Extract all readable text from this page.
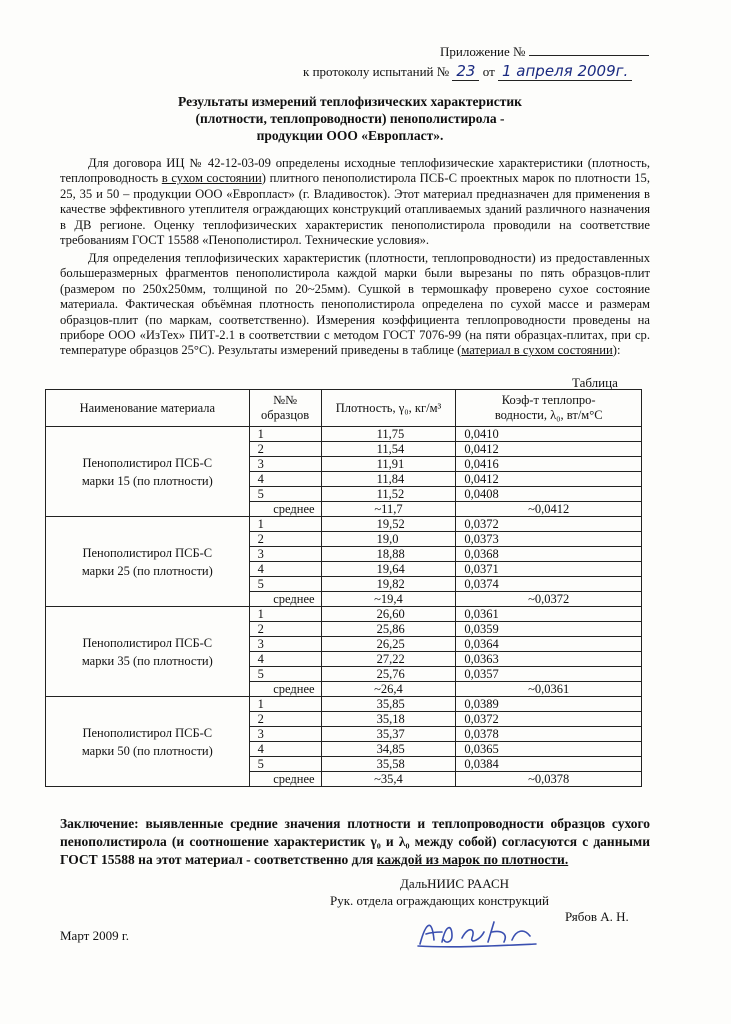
Приложение №
к протоколу испытаний № 23 от 1 апреля 2009г.
Результаты измерений теплофизических характеристик
(плотности, теплопроводности) пенополистирола -
продукции ООО «Европласт».
Для договора ИЦ № 42-12-03-09 определены исходные теплофизические характеристики (плотность, теплопроводность в сухом состоянии) плитного пенополистирола ПСБ-С проектных марок по плотности 15, 25, 35 и 50 – продукции ООО «Европласт» (г. Владивосток). Этот материал предназначен для применения в качестве эффективного утеплителя ограждающих конструкций отапливаемых зданий различного назначения в ДВ регионе. Оценку теплофизических характеристик пенополистирола проводили на соответствие требованиям ГОСТ 15588 «Пенополистирол. Технические условия».
Для определения теплофизических характеристик (плотности, теплопроводности) из предоставленных большеразмерных фрагментов пенополистирола каждой марки были вырезаны по пять образцов-плит (размером по 250х250мм, толщиной по 20~25мм). Сушкой в термошкафу проверено сухое состояние материала. Фактическая объёмная плотность пенополистирола определена по сухой массе и размерам образцов-плит (по маркам, соответственно). Измерения коэффициента теплопроводности проведены на приборе ООО «ИзТех» ПИТ-2.1 в соответствии с методом ГОСТ 7076-99 (на пяти образцах-плитах, при ср. температуре образцов 25°С). Результаты измерений приведены в таблице (материал в сухом состоянии):
Таблица
Наименование материала	№№
образцов	Плотность, γ₀, кг/м³	Коэф-т теплопро-
водности, λ₀, вт/м°С
Пенополистирол ПСБ-С
марки 15 (по плотности)	1	11,75	0,0410
	2	11,54	0,0412
	3	11,91	0,0416
	4	11,84	0,0412
	5	11,52	0,0408
	среднее	~11,7	~0,0412
Пенополистирол ПСБ-С
марки 25 (по плотности)	1	19,52	0,0372
	2	19,0	0,0373
	3	18,88	0,0368
	4	19,64	0,0371
	5	19,82	0,0374
	среднее	~19,4	~0,0372
Пенополистирол ПСБ-С
марки 35 (по плотности)	1	26,60	0,0361
	2	25,86	0,0359
	3	26,25	0,0364
	4	27,22	0,0363
	5	25,76	0,0357
	среднее	~26,4	~0,0361
Пенополистирол ПСБ-С
марки 50 (по плотности)	1	35,85	0,0389
	2	35,18	0,0372
	3	35,37	0,0378
	4	34,85	0,0365
	5	35,58	0,0384
	среднее	~35,4	~0,0378
Заключение: выявленные средние значения плотности и теплопроводности образцов сухого пенополистирола (и соотношение характеристик γ₀ и λ₀ между собой) согласуются с данными ГОСТ 15588 на этот материал - соответственно для каждой из марок по плотности.
ДальНИИС РААСН
Рук. отдела ограждающих конструкций
Рябов А. Н.
Март 2009 г.
